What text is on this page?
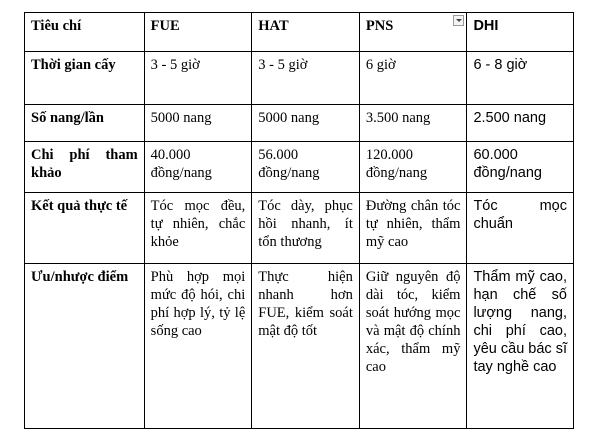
Tiêu chí	FUE	HAT	PNS	DHI
Thời gian cấy	3 - 5 giờ	3 - 5 giờ	6 giờ	6 - 8 giờ
Số nang/lần	5000 nang	5000 nang	3.500 nang	2.500 nang
Chi phí tham khảo	40.000 đồng/nang	56.000 đồng/nang	120.000 đồng/nang	60.000 đồng/nang
Kết quả thực tế	Tóc mọc đều, tự nhiên, chắc khỏe	Tóc dày, phục hồi nhanh, ít tổn thương	Đường chân tóc tự nhiên, thẩm mỹ cao	Tóc mọc chuẩn
Ưu/nhược điểm	Phù hợp mọi mức độ hói, chi phí hợp lý, tỷ lệ sống cao	Thực hiện nhanh hơn FUE, kiểm soát mật độ tốt	Giữ nguyên độ dài tóc, kiểm soát hướng mọc và mật độ chính xác, thẩm mỹ cao	Thẩm mỹ cao, hạn chế số lượng nang, chi phí cao, yêu cầu bác sĩ tay nghề cao
